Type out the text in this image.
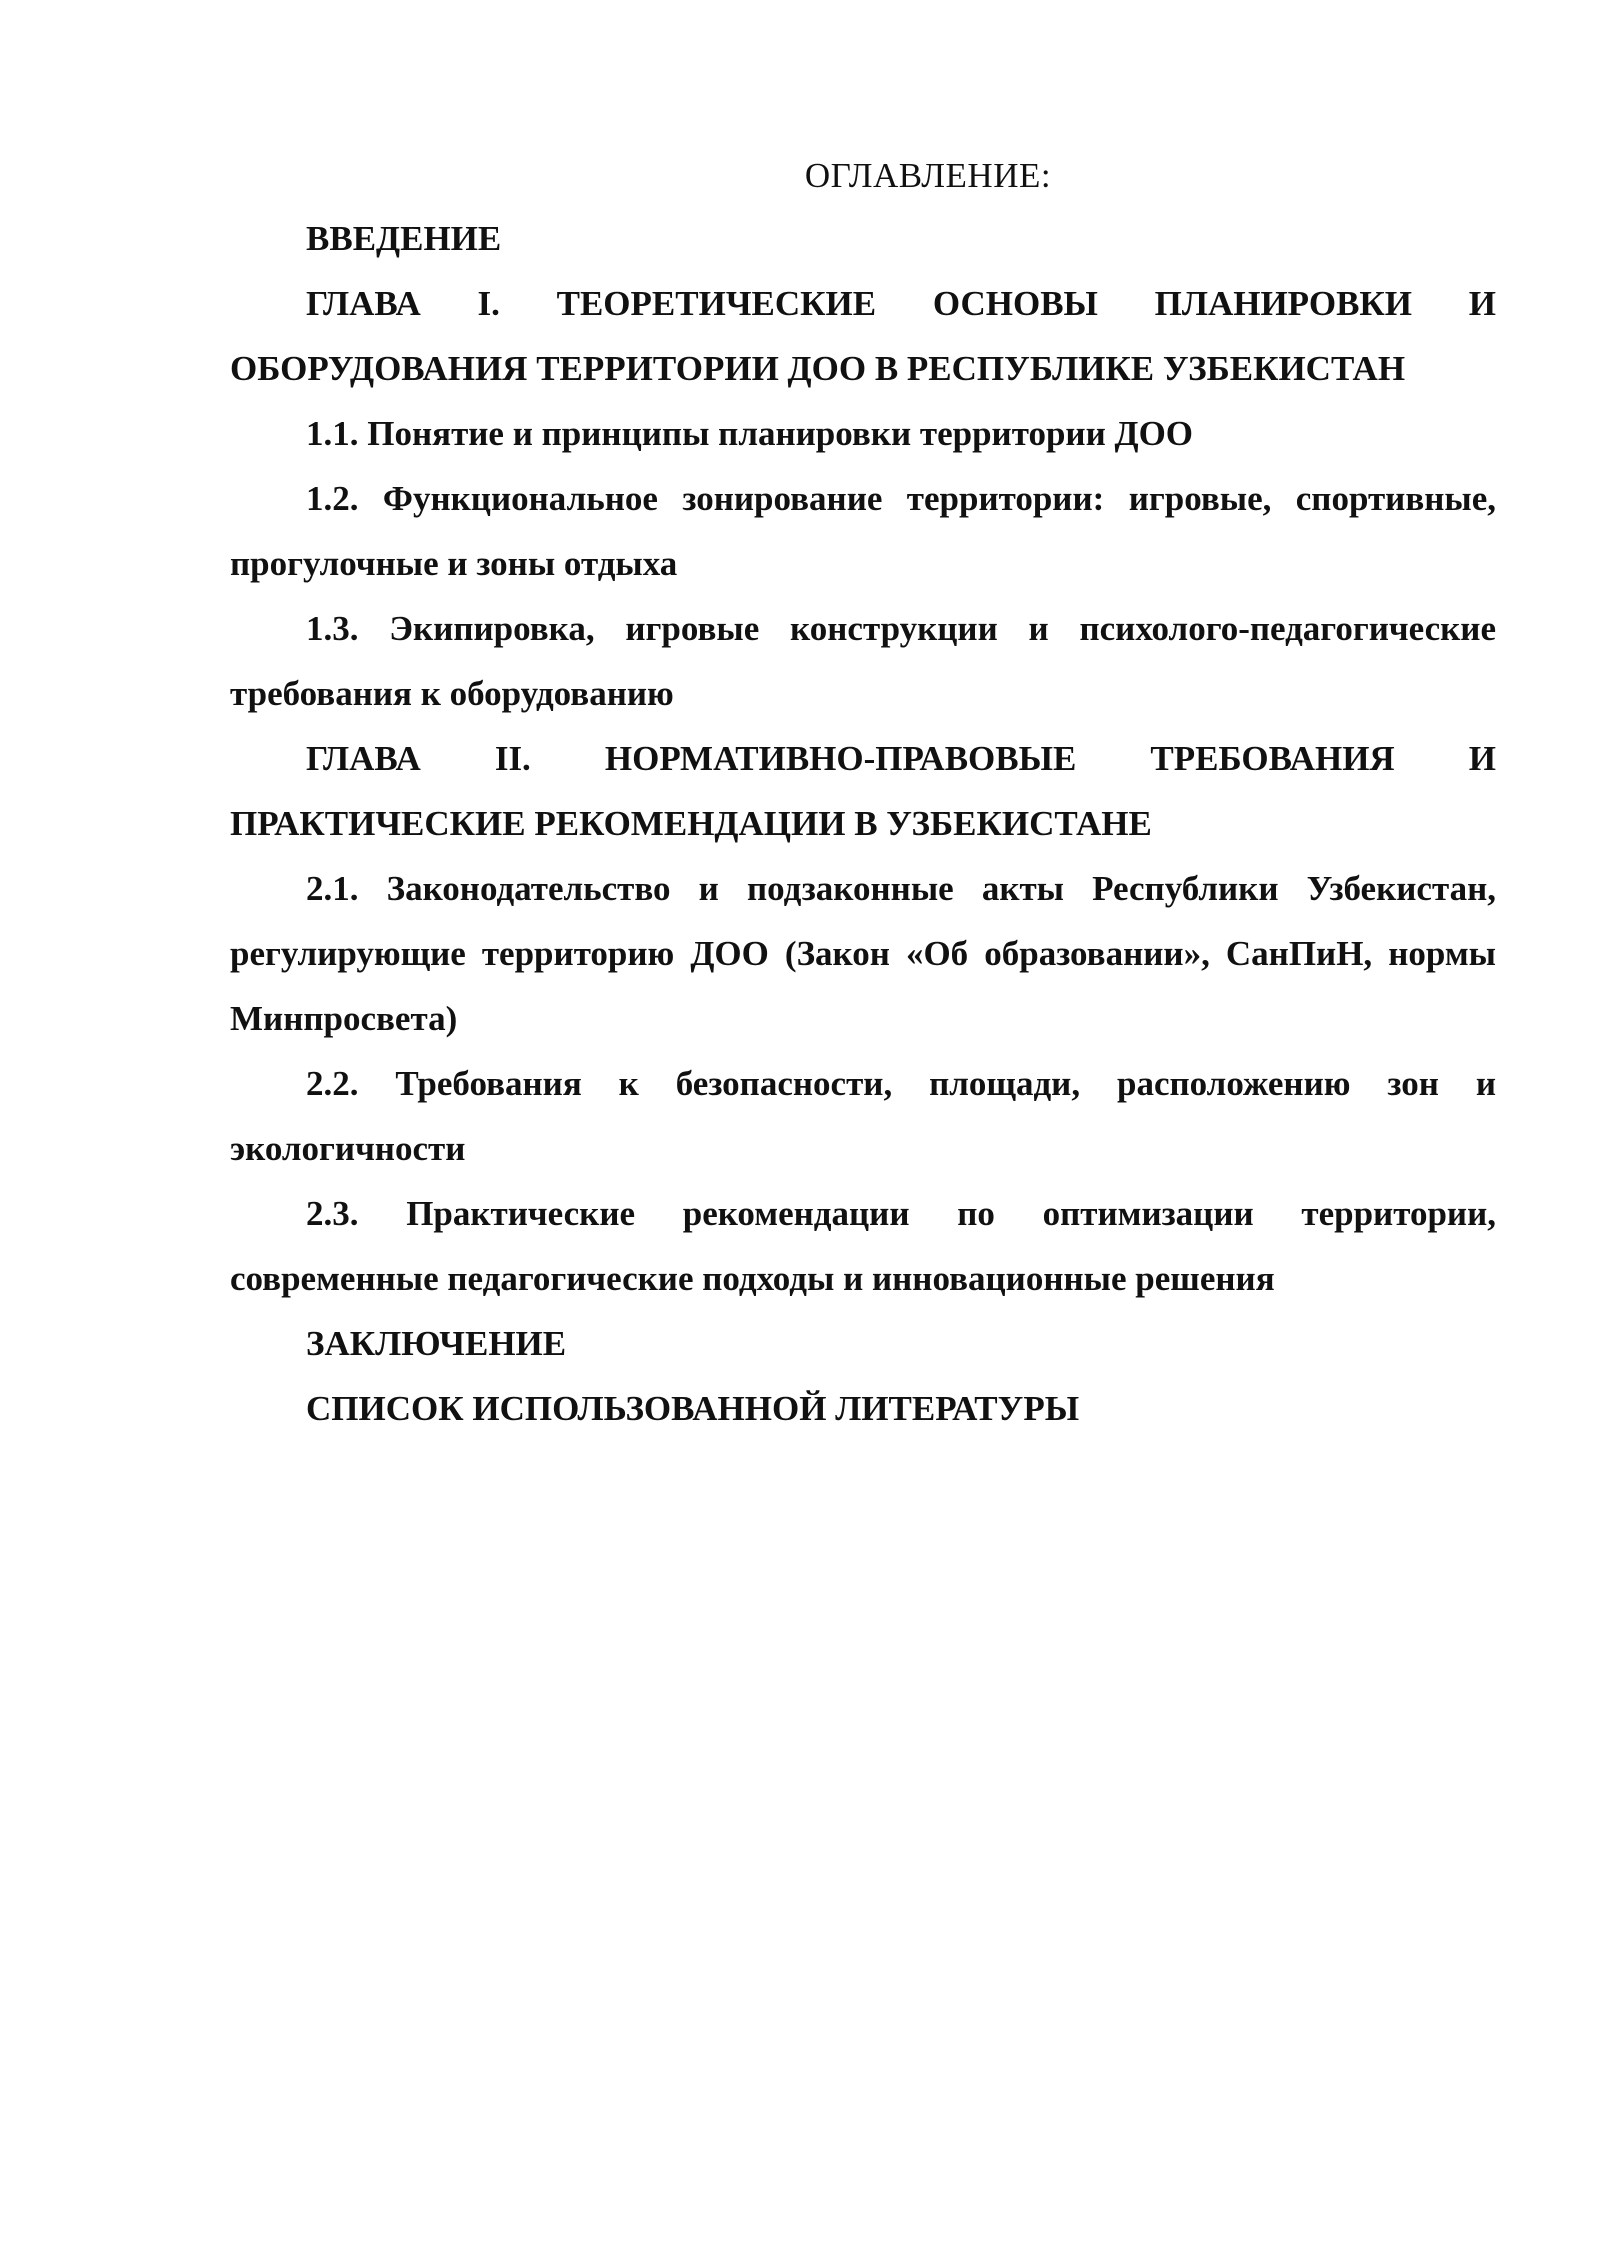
ОГЛАВЛЕНИЕ:

ВВЕДЕНИЕ

ГЛАВА I. ТЕОРЕТИЧЕСКИЕ ОСНОВЫ ПЛАНИРОВКИ И ОБОРУДОВАНИЯ ТЕРРИТОРИИ ДОО В РЕСПУБЛИКЕ УЗБЕКИСТАН

1.1. Понятие и принципы планировки территории ДОО

1.2. Функциональное зонирование территории: игровые, спортивные, прогулочные и зоны отдыха

1.3. Экипировка, игровые конструкции и психолого-педагогические требования к оборудованию

ГЛАВА II. НОРМАТИВНО-ПРАВОВЫЕ ТРЕБОВАНИЯ И ПРАКТИЧЕСКИЕ РЕКОМЕНДАЦИИ В УЗБЕКИСТАНЕ

2.1. Законодательство и подзаконные акты Республики Узбекистан, регулирующие территорию ДОО (Закон «Об образовании», СанПиН, нормы Минпросвета)

2.2. Требования к безопасности, площади, расположению зон и экологичности

2.3. Практические рекомендации по оптимизации территории, современные педагогические подходы и инновационные решения

ЗАКЛЮЧЕНИЕ

СПИСОК ИСПОЛЬЗОВАННОЙ ЛИТЕРАТУРЫ
